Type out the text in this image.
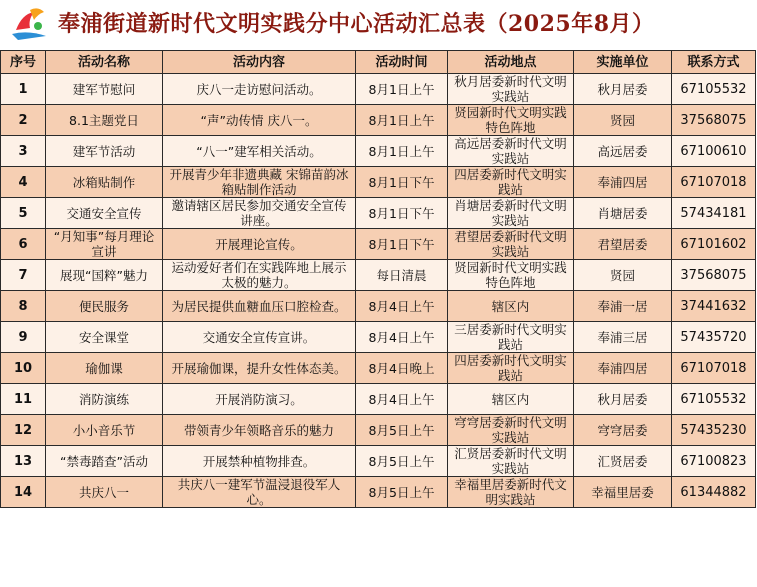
奉浦街道新时代文明实践分中心活动汇总表（2025年8月）
序号	活动名称	活动内容	活动时间	活动地点	实施单位	联系方式
1	建军节慰问	庆八一走访慰问活动。	8月1日上午	秋月居委新时代文明实践站	秋月居委	67105532
2	8.1主题党日	“声”动传情 庆八一。	8月1日上午	贤园新时代文明实践特色阵地	贤园	37568075
3	建军节活动	“八一”建军相关活动。	8月1日上午	高远居委新时代文明实践站	高远居委	67100610
4	冰箱贴制作	开展青少年非遗典藏 宋锦苗韵冰箱贴制作活动	8月1日下午	四居委新时代文明实践站	奉浦四居	67107018
5	交通安全宣传	邀请辖区居民参加交通安全宣传讲座。	8月1日下午	肖塘居委新时代文明实践站	肖塘居委	57434181
6	“月知事”每月理论宣讲	开展理论宣传。	8月1日下午	君望居委新时代文明实践站	君望居委	67101602
7	展现“国粹”魅力	运动爱好者们在实践阵地上展示太极的魅力。	每日清晨	贤园新时代文明实践特色阵地	贤园	37568075
8	便民服务	为居民提供血糖血压口腔检查。	8月4日上午	辖区内	奉浦一居	37441632
9	安全课堂	交通安全宣传宣讲。	8月4日上午	三居委新时代文明实践站	奉浦三居	57435720
10	瑜伽课	开展瑜伽课，提升女性体态美。	8月4日晚上	四居委新时代文明实践站	奉浦四居	67107018
11	消防演练	开展消防演习。	8月4日上午	辖区内	秋月居委	67105532
12	小小音乐节	带领青少年领略音乐的魅力	8月5日上午	穹穹居委新时代文明实践站	穹穹居委	57435230
13	“禁毒踏查”活动	开展禁种植物排查。	8月5日上午	汇贤居委新时代文明实践站	汇贤居委	67100823
14	共庆八一	共庆八一建军节温浸退役军人心。	8月5日上午	幸福里居委新时代文明实践站	幸福里居委	61344882
